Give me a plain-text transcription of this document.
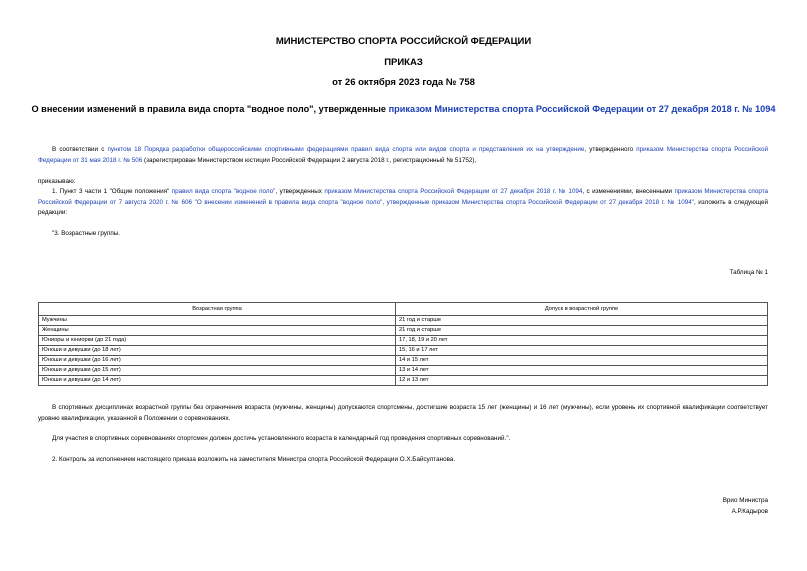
МИНИСТЕРСТВО СПОРТА РОССИЙСКОЙ ФЕДЕРАЦИИ
ПРИКАЗ
от 26 октября 2023 года № 758
О внесении изменений в правила вида спорта "водное поло", утвержденные приказом Министерства спорта Российской Федерации от 27 декабря 2018 г. № 1094
В соответствии с пунктом 18 Порядка разработки общероссийскими спортивными федерациями правил вида спорта или видов спорта и представления их на утверждение, утвержденного приказом Министерства спорта Российской Федерации от 31 мая 2018 г. № 506 (зарегистрирован Министерством юстиции Российской Федерации 2 августа 2018 г., регистрационный № 51752),
приказываю:
1. Пункт 3 части 1 "Общие положения" правил вида спорта "водное поло", утвержденных приказом Министерства спорта Российской Федерации от 27 декабря 2018 г. № 1094, с изменениями, внесенными приказом Министерства спорта Российской Федерации от 7 августа 2020 г. № 606 "О внесении изменений в правила вида спорта "водное поло", утвержденные приказом Министерства спорта Российской Федерации от 27 декабря 2018 г. № 1094", изложить в следующей редакции:
"3. Возрастные группы.
Таблица № 1
Возрастная группа	Допуск в возрастной группе
Мужчины	21 год и старше
Женщины	21 год и старше
Юниоры и юниорки (до 21 года)	17, 18, 19 и 20 лет
Юноши и девушки (до 18 лет)	15, 16 и 17 лет
Юноши и девушки (до 16 лет)	14 и 15 лет
Юноши и девушки (до 15 лет)	13 и 14 лет
Юноши и девушки (до 14 лет)	12 и 13 лет
В спортивных дисциплинах возрастной группы без ограничения возраста (мужчины, женщины) допускаются спортсмены, достигшие возраста 15 лет (женщины) и 16 лет (мужчины), если уровень их спортивной квалификации соответствует уровню квалификации, указанной в Положении о соревнованиях.
Для участия в спортивных соревнованиях спортсмен должен достичь установленного возраста в календарный год проведения спортивных соревнований.".
2. Контроль за исполнением настоящего приказа возложить на заместителя Министра спорта Российской Федерации О.Х.Байсултанова.
Врио Министра
А.Р.Кадыров
